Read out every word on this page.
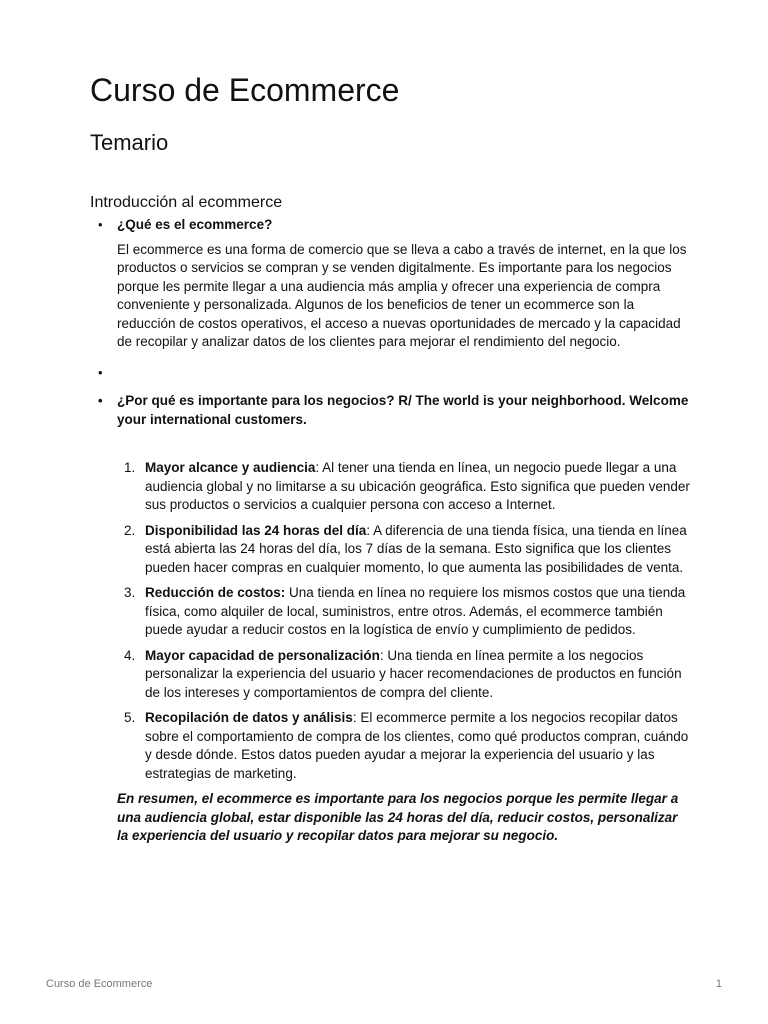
Curso de Ecommerce
Temario
Introducción al ecommerce
• ¿Qué es el ecommerce?

El ecommerce es una forma de comercio que se lleva a cabo a través de internet, en la que los productos o servicios se compran y se venden digitalmente. Es importante para los negocios porque les permite llegar a una audiencia más amplia y ofrecer una experiencia de compra conveniente y personalizada. Algunos de los beneficios de tener un ecommerce son la reducción de costos operativos, el acceso a nuevas oportunidades de mercado y la capacidad de recopilar y analizar datos de los clientes para mejorar el rendimiento del negocio.

•
• ¿Por qué es importante para los negocios? R/ The world is your neighborhood. Welcome your international customers.
1. Mayor alcance y audiencia: Al tener una tienda en línea, un negocio puede llegar a una audiencia global y no limitarse a su ubicación geográfica. Esto significa que pueden vender sus productos o servicios a cualquier persona con acceso a Internet.
2. Disponibilidad las 24 horas del día: A diferencia de una tienda física, una tienda en línea está abierta las 24 horas del día, los 7 días de la semana. Esto significa que los clientes pueden hacer compras en cualquier momento, lo que aumenta las posibilidades de venta.
3. Reducción de costos: Una tienda en línea no requiere los mismos costos que una tienda física, como alquiler de local, suministros, entre otros. Además, el ecommerce también puede ayudar a reducir costos en la logística de envío y cumplimiento de pedidos.
4. Mayor capacidad de personalización: Una tienda en línea permite a los negocios personalizar la experiencia del usuario y hacer recomendaciones de productos en función de los intereses y comportamientos de compra del cliente.
5. Recopilación de datos y análisis: El ecommerce permite a los negocios recopilar datos sobre el comportamiento de compra de los clientes, como qué productos compran, cuándo y desde dónde. Estos datos pueden ayudar a mejorar la experiencia del usuario y las estrategias de marketing.

En resumen, el ecommerce es importante para los negocios porque les permite llegar a una audiencia global, estar disponible las 24 horas del día, reducir costos, personalizar la experiencia del usuario y recopilar datos para mejorar su negocio.

Curso de Ecommerce	1
